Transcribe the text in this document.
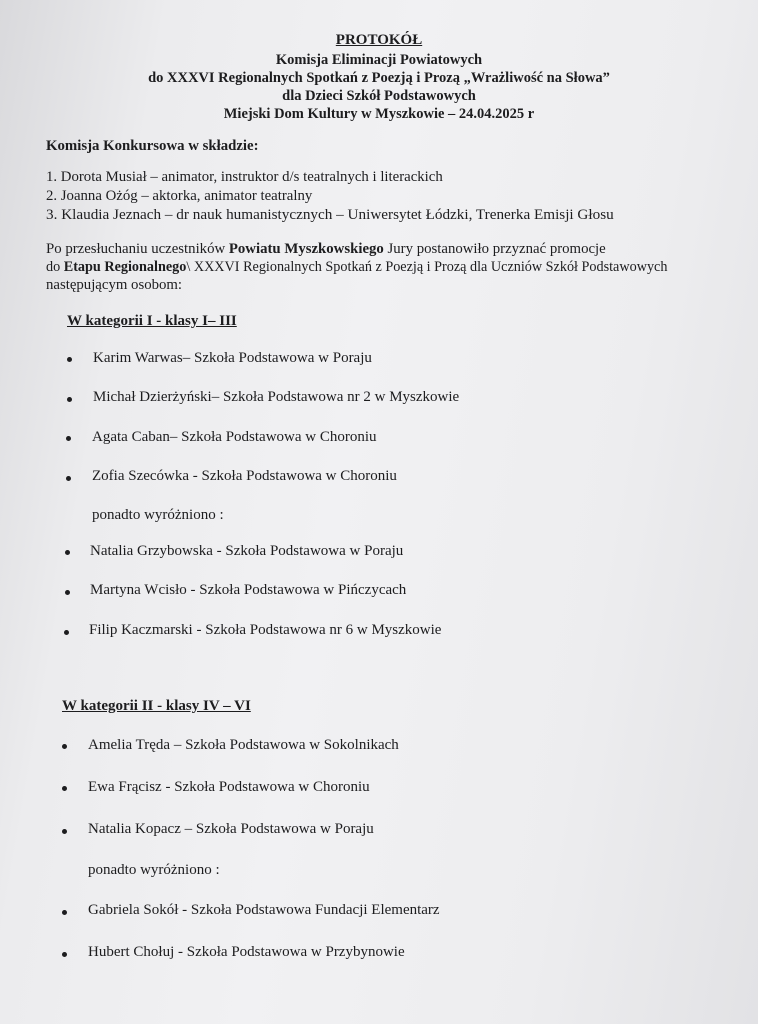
PROTOKÓŁ
Komisja Eliminacji Powiatowych
do XXXVI Regionalnych Spotkań z Poezją i Prozą „Wrażliwość na Słowa”
dla Dzieci Szkół Podstawowych
Miejski Dom Kultury w Myszkowie – 24.04.2025 r
Komisja Konkursowa w składzie:
1. Dorota Musiał – animator, instruktor d/s teatralnych i literackich
2. Joanna Ożóg – aktorka, animator teatralny
3. Klaudia Jeznach – dr nauk humanistycznych – Uniwersytet Łódzki, Trenerka Emisji Głosu
Po przesłuchaniu uczestników Powiatu Myszkowskiego Jury postanowiło przyznać promocje
do Etapu Regionalnego\ XXXVI Regionalnych Spotkań z Poezją i Prozą dla Uczniów Szkół Podstawowych
następującym osobom:
W kategorii I - klasy I– III
Karim Warwas– Szkoła Podstawowa w Poraju
Michał Dzierżyński– Szkoła Podstawowa nr 2 w Myszkowie
Agata Caban– Szkoła Podstawowa w Choroniu
Zofia Szecówka - Szkoła Podstawowa w Choroniu
ponadto wyróżniono :
Natalia Grzybowska - Szkoła Podstawowa w Poraju
Martyna Wcisło - Szkoła Podstawowa w Pińczycach
Filip Kaczmarski - Szkoła Podstawowa nr 6 w Myszkowie
W kategorii II - klasy IV – VI
Amelia Tręda – Szkoła Podstawowa w Sokolnikach
Ewa Frącisz - Szkoła Podstawowa w Choroniu
Natalia Kopacz – Szkoła Podstawowa w Poraju
ponadto wyróżniono :
Gabriela Sokół - Szkoła Podstawowa Fundacji Elementarz
Hubert Chołuj - Szkoła Podstawowa w Przybynowie
